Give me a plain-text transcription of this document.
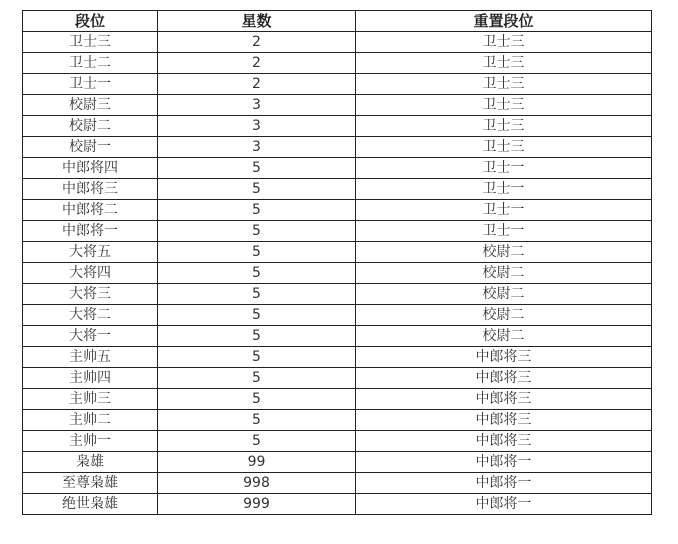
段位	星数	重置段位
卫士三	2	卫士三
卫士二	2	卫士三
卫士一	2	卫士三
校尉三	3	卫士三
校尉二	3	卫士三
校尉一	3	卫士三
中郎将四	5	卫士一
中郎将三	5	卫士一
中郎将二	5	卫士一
中郎将一	5	卫士一
大将五	5	校尉二
大将四	5	校尉二
大将三	5	校尉二
大将二	5	校尉二
大将一	5	校尉二
主帅五	5	中郎将三
主帅四	5	中郎将三
主帅三	5	中郎将三
主帅二	5	中郎将三
主帅一	5	中郎将三
枭雄	99	中郎将一
至尊枭雄	998	中郎将一
绝世枭雄	999	中郎将一
